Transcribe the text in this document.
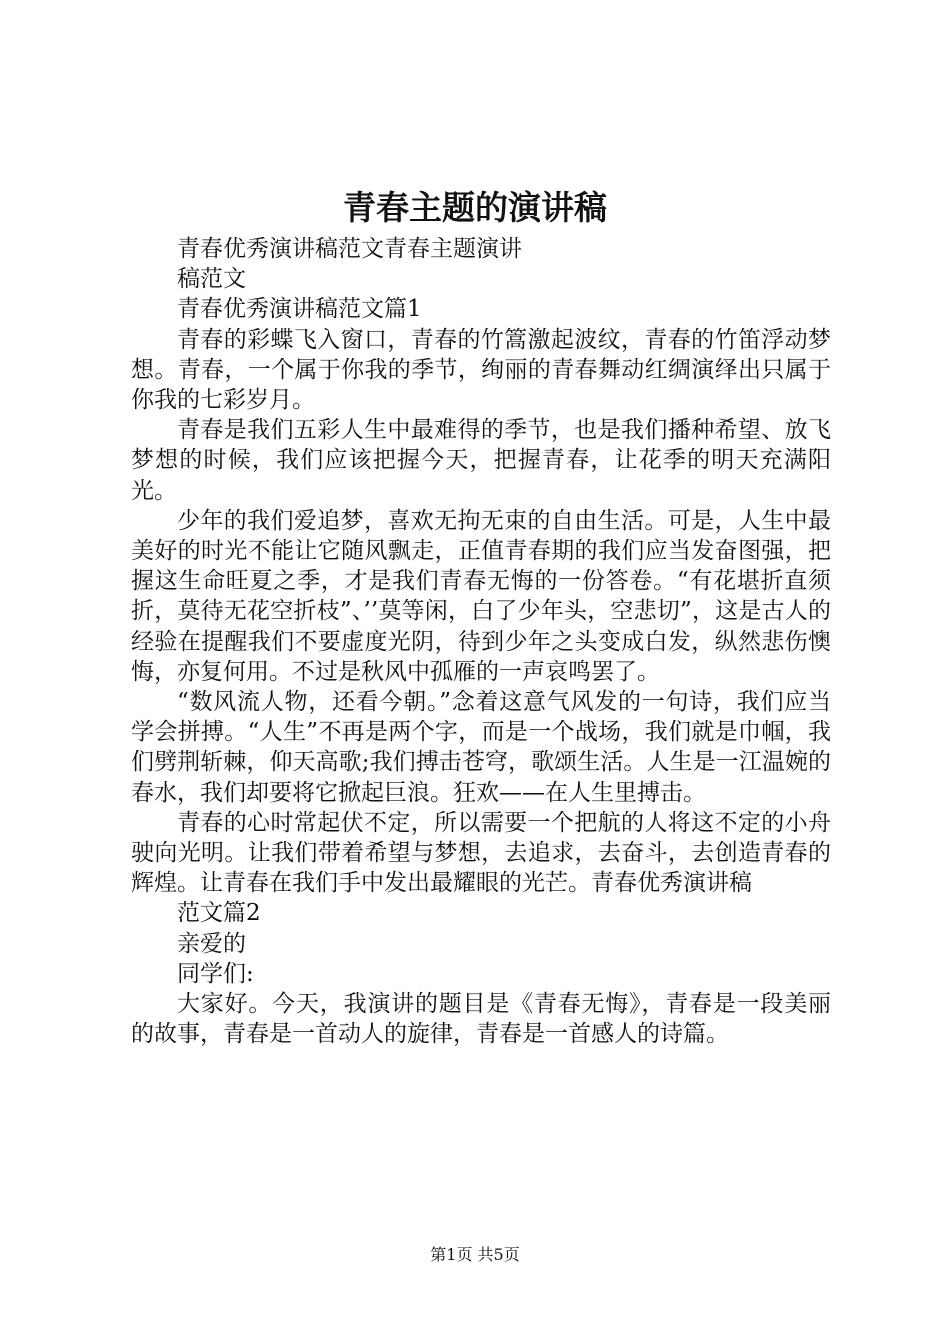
青春主题的演讲稿

青春优秀演讲稿范文青春主题演讲

稿范文

青春优秀演讲稿范文篇1

青春的彩蝶飞入窗口，青春的竹篙激起波纹，青春的竹笛浮动梦想。青春，一个属于你我的季节，绚丽的青春舞动红绸演绎出只属于你我的七彩岁月。

青春是我们五彩人生中最难得的季节，也是我们播种希望、放飞梦想的时候，我们应该把握今天，把握青春，让花季的明天充满阳光。

少年的我们爱追梦，喜欢无拘无束的自由生活。可是，人生中最美好的时光不能让它随风飘走，正值青春期的我们应当发奋图强，把握这生命旺夏之季，才是我们青春无悔的一份答卷。“有花堪折直须折，莫待无花空折枝”、’’莫等闲，白了少年头，空悲切”，这是古人的经验在提醒我们不要虚度光阴，待到少年之头变成白发，纵然悲伤懊悔，亦复何用。不过是秋风中孤雁的一声哀鸣罢了。

“数风流人物，还看今朝。”念着这意气风发的一句诗，我们应当学会拼搏。“人生”不再是两个字，而是一个战场，我们就是巾帼，我们劈荆斩棘，仰天高歌;我们搏击苍穹，歌颂生活。人生是一江温婉的春水，我们却要将它掀起巨浪。狂欢——在人生里搏击。

青春的心时常起伏不定，所以需要一个把航的人将这不定的小舟驶向光明。让我们带着希望与梦想，去追求，去奋斗，去创造青春的辉煌。让青春在我们手中发出最耀眼的光芒。青春优秀演讲稿

范文篇2

亲爱的

同学们:

大家好。今天，我演讲的题目是《青春无悔》，青春是一段美丽的故事，青春是一首动人的旋律，青春是一首感人的诗篇。

第1页 共5页
